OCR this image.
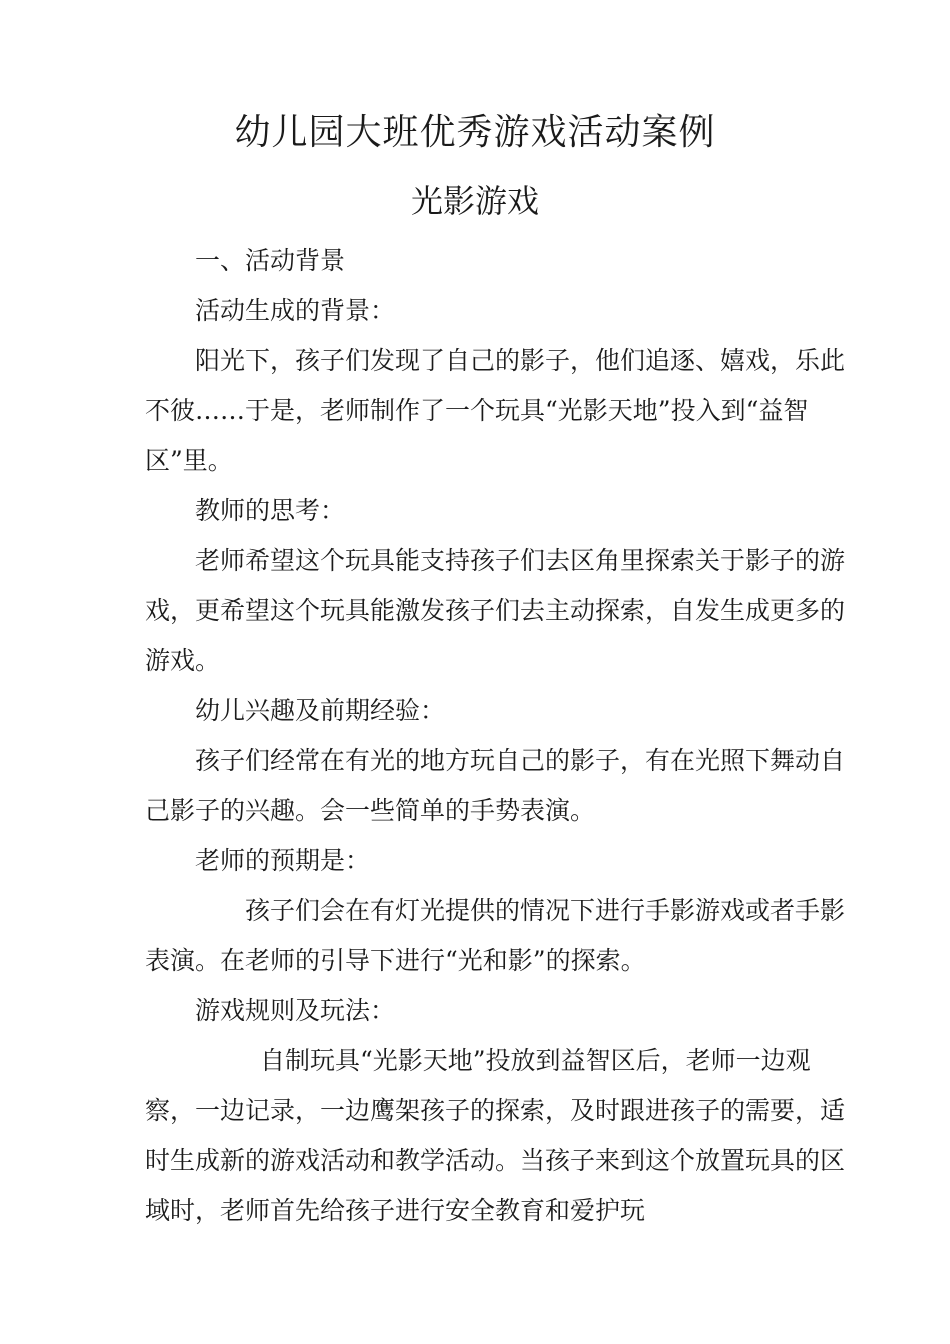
幼儿园大班优秀游戏活动案例
光影游戏

一、活动背景

活动生成的背景：

阳光下，孩子们发现了自己的影子，他们追逐、嬉戏，乐此不彼……于是，老师制作了一个玩具“光影天地”投入到“益智区”里。

教师的思考：

老师希望这个玩具能支持孩子们去区角里探索关于影子的游戏，更希望这个玩具能激发孩子们去主动探索，自发生成更多的游戏。

幼儿兴趣及前期经验：

孩子们经常在有光的地方玩自己的影子，有在光照下舞动自己影子的兴趣。会一些简单的手势表演。

老师的预期是：

孩子们会在有灯光提供的情况下进行手影游戏或者手影表演。在老师的引导下进行“光和影”的探索。

游戏规则及玩法：

自制玩具“光影天地”投放到益智区后，老师一边观察，一边记录，一边鹰架孩子的探索，及时跟进孩子的需要，适时生成新的游戏活动和教学活动。当孩子来到这个放置玩具的区域时，老师首先给孩子进行安全教育和爱护玩
